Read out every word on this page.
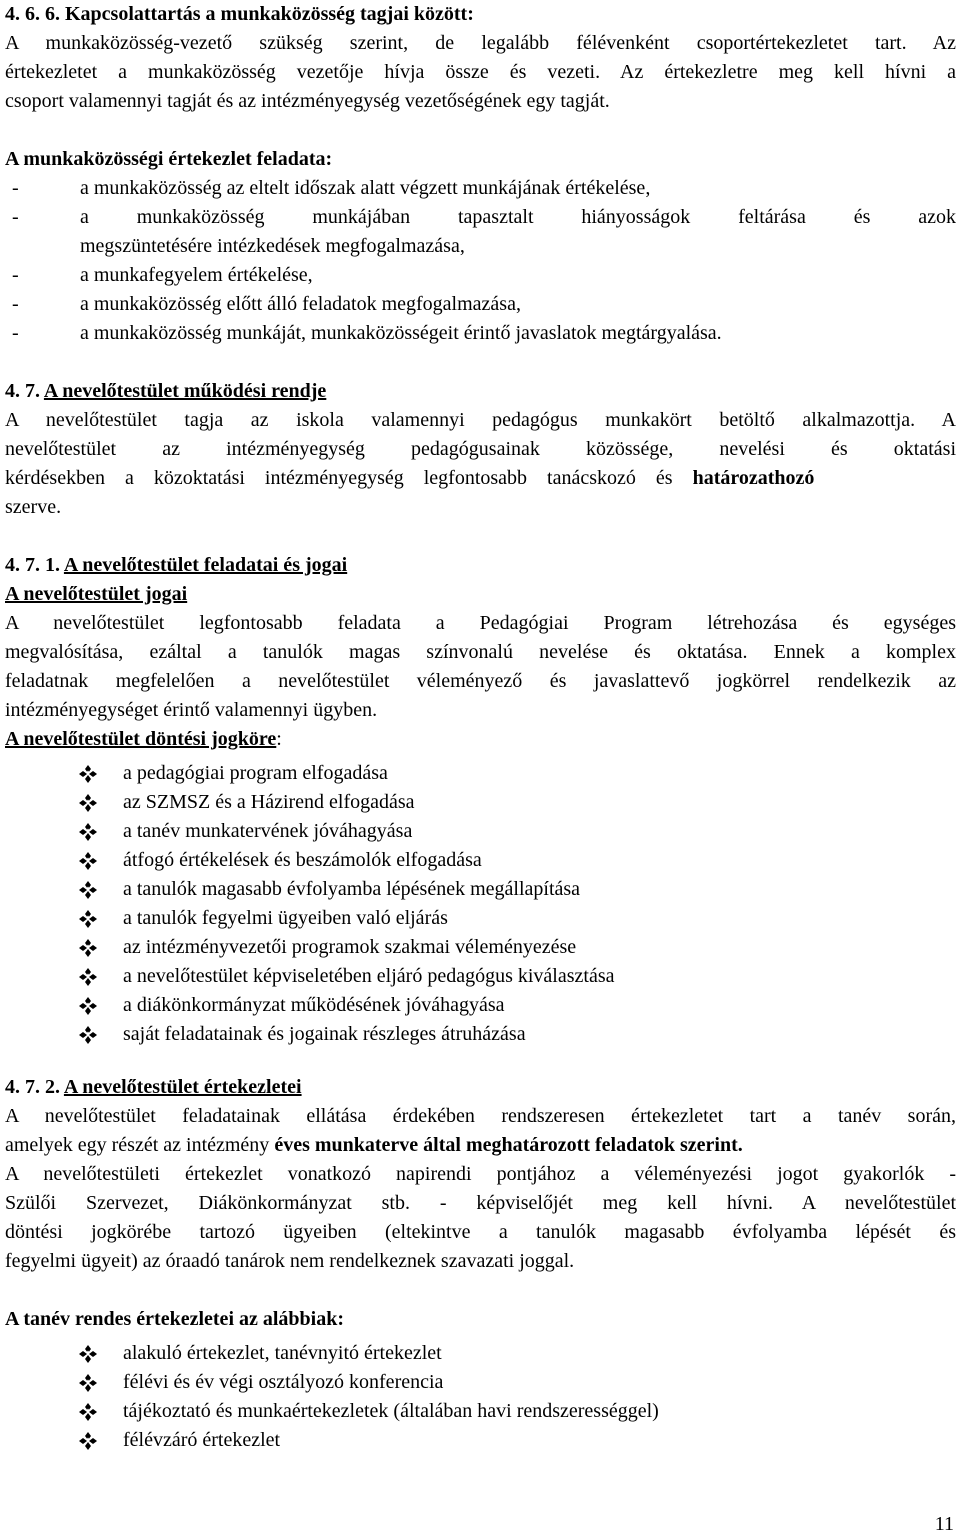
4. 6. 6. Kapcsolattartás a munkaközösség tagjai között:
A munkaközösség-vezető szükség szerint, de legalább félévenként csoportértekezletet tart. Az
értekezletet a munkaközösség vezetője hívja össze és vezeti. Az értekezletre meg kell hívni a
csoport valamennyi tagját és az intézményegység vezetőségének egy tagját.
A munkaközösségi értekezlet feladata:
-	a munkaközösség az eltelt időszak alatt végzett munkájának értékelése,
-	a munkaközösség munkájában tapasztalt hiányosságok feltárása és azok
megszüntetésére intézkedések megfogalmazása,
-	a munkafegyelem értékelése,
-	a munkaközösség előtt álló feladatok megfogalmazása,
-	a munkaközösség munkáját, munkaközösségeit érintő javaslatok megtárgyalása.
4. 7. A nevelőtestület működési rendje
A nevelőtestület tagja az iskola valamennyi pedagógus munkakört betöltő alkalmazottja. A
nevelőtestület az intézményegység pedagógusainak közössége, nevelési és oktatási
kérdésekben a közoktatási intézményegység legfontosabb tanácskozó és határozathozó
szerve.
4. 7. 1. A nevelőtestület feladatai és jogai
A nevelőtestület jogai
A nevelőtestület legfontosabb feladata a Pedagógiai Program létrehozása és egységes
megvalósítása, ezáltal a tanulók magas színvonalú nevelése és oktatása. Ennek a komplex
feladatnak megfelelően a nevelőtestület véleményező és javaslattevő jogkörrel rendelkezik az
intézményegységet érintő valamennyi ügyben.
A nevelőtestület döntési jogköre:
a pedagógiai program elfogadása
az SZMSZ és a Házirend elfogadása
a tanév munkatervének jóváhagyása
átfogó értékelések és beszámolók elfogadása
a tanulók magasabb évfolyamba lépésének megállapítása
a tanulók fegyelmi ügyeiben való eljárás
az intézményvezetői programok szakmai véleményezése
a nevelőtestület képviseletében eljáró pedagógus kiválasztása
a diákönkormányzat működésének jóváhagyása
saját feladatainak és jogainak részleges átruházása
4. 7. 2. A nevelőtestület értekezletei
A nevelőtestület feladatainak ellátása érdekében rendszeresen értekezletet tart a tanév során,
amelyek egy részét az intézmény éves munkaterve által meghatározott feladatok szerint.
A nevelőtestületi értekezlet vonatkozó napirendi pontjához a véleményezési jogot gyakorlók -
Szülői Szervezet, Diákönkormányzat stb. - képviselőjét meg kell hívni. A nevelőtestület
döntési jogkörébe tartozó ügyeiben (eltekintve a tanulók magasabb évfolyamba lépését és
fegyelmi ügyeit) az óraadó tanárok nem rendelkeznek szavazati joggal.
A tanév rendes értekezletei az alábbiak:
alakuló értekezlet, tanévnyitó értekezlet
félévi és év végi osztályozó konferencia
tájékoztató és munkaértekezletek (általában havi rendszerességgel)
félévzáró értekezlet
11
